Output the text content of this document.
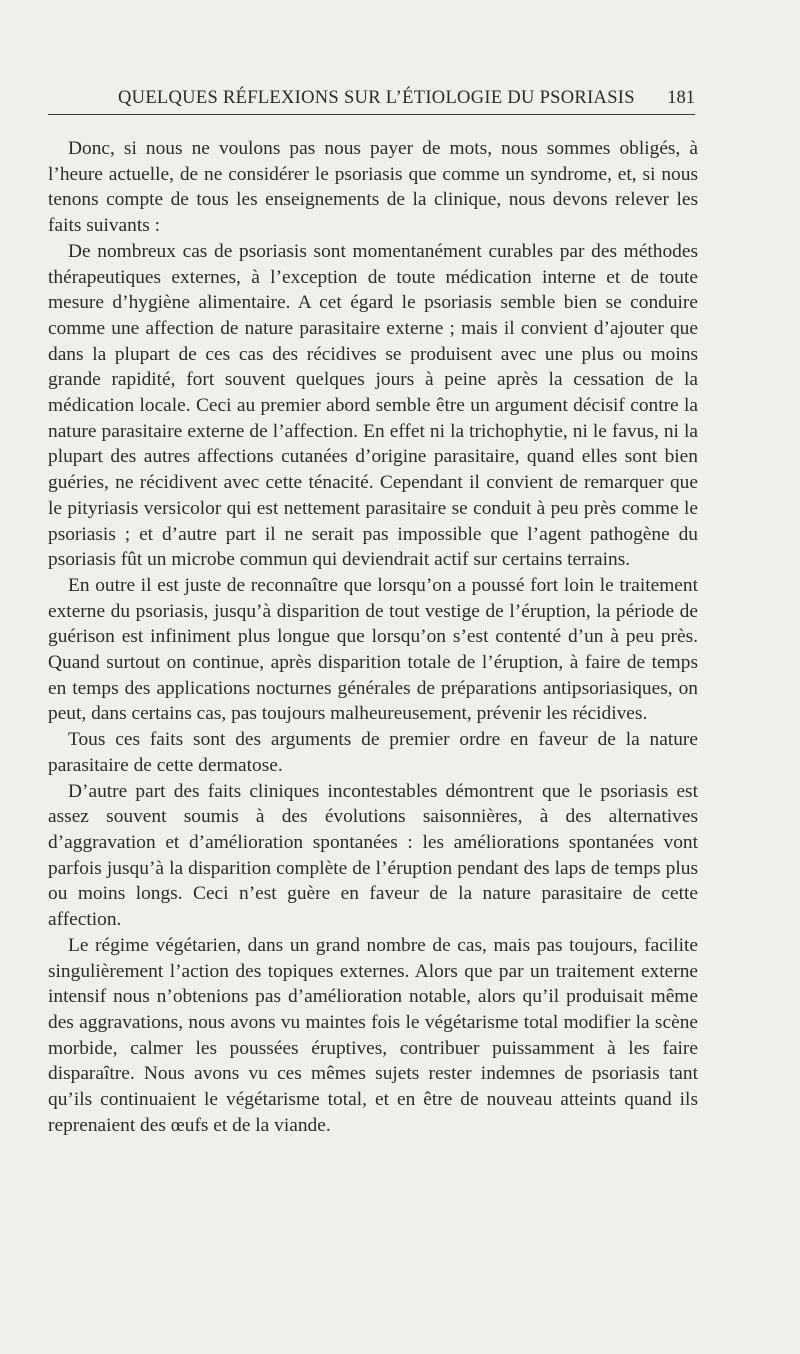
QUELQUES RÉFLEXIONS SUR L’ÉTIOLOGIE DU PSORIASIS 181

Donc, si nous ne voulons pas nous payer de mots, nous sommes obligés, à l’heure actuelle, de ne considérer le psoriasis que comme un syndrome, et, si nous tenons compte de tous les enseignements de la clinique, nous devons relever les faits suivants :

De nombreux cas de psoriasis sont momentanément curables par des méthodes thérapeutiques externes, à l’exception de toute médication interne et de toute mesure d’hygiène alimentaire. A cet égard le psoriasis semble bien se conduire comme une affection de nature parasitaire externe ; mais il convient d’ajouter que dans la plupart de ces cas des récidives se produisent avec une plus ou moins grande rapidité, fort souvent quelques jours à peine après la cessation de la médication locale. Ceci au premier abord semble être un argument décisif contre la nature parasitaire externe de l’affection. En effet ni la trichophytie, ni le favus, ni la plupart des autres affections cutanées d’origine parasitaire, quand elles sont bien guéries, ne récidivent avec cette ténacité. Cependant il convient de remarquer que le pityriasis versicolor qui est nettement parasitaire se conduit à peu près comme le psoriasis ; et d’autre part il ne serait pas impossible que l’agent pathogène du psoriasis fût un microbe commun qui deviendrait actif sur certains terrains.

En outre il est juste de reconnaître que lorsqu’on a poussé fort loin le traitement externe du psoriasis, jusqu’à disparition de tout vestige de l’éruption, la période de guérison est infiniment plus longue que lorsqu’on s’est contenté d’un à peu près. Quand surtout on continue, après disparition totale de l’éruption, à faire de temps en temps des applications nocturnes générales de préparations antipsoriasiques, on peut, dans certains cas, pas toujours malheureusement, prévenir les récidives.

Tous ces faits sont des arguments de premier ordre en faveur de la nature parasitaire de cette dermatose.

D’autre part des faits cliniques incontestables démontrent que le psoriasis est assez souvent soumis à des évolutions saisonnières, à des alternatives d’aggravation et d’amélioration spontanées : les améliorations spontanées vont parfois jusqu’à la disparition complète de l’éruption pendant des laps de temps plus ou moins longs. Ceci n’est guère en faveur de la nature parasitaire de cette affection.

Le régime végétarien, dans un grand nombre de cas, mais pas toujours, facilite singulièrement l’action des topiques externes. Alors que par un traitement externe intensif nous n’obtenions pas d’amélioration notable, alors qu’il produisait même des aggravations, nous avons vu maintes fois le végétarisme total modifier la scène morbide, calmer les poussées éruptives, contribuer puissamment à les faire disparaître. Nous avons vu ces mêmes sujets rester indemnes de psoriasis tant qu’ils continuaient le végétarisme total, et en être de nouveau atteints quand ils reprenaient des œufs et de la viande.
